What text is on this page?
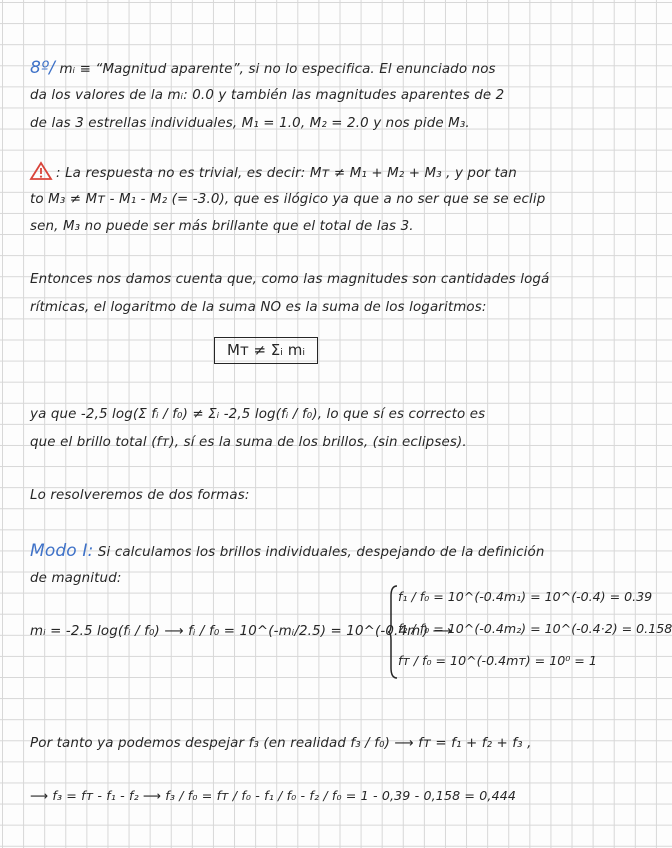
8º/ mᵢ ≡ “Magnitud aparente”, si no lo especifica. El enunciado nos
da los valores de la mᵢ: 0.0 y también las magnitudes aparentes de 2
de las 3 estrellas individuales, M₁ = 1.0, M₂ = 2.0 y nos pide M₃.
: La respuesta no es trivial, es decir: Mᴛ ≠ M₁ + M₂ + M₃ , y por tan
to M₃ ≠ Mᴛ - M₁ - M₂ (= -3.0), que es ilógico ya que a no ser que se se eclip
sen, M₃ no puede ser más brillante que el total de las 3.
Entonces nos damos cuenta que, como las magnitudes son cantidades logá
rítmicas, el logaritmo de la suma NO es la suma de los logaritmos:
Mᴛ ≠ Σᵢ mᵢ
ya que -2,5 log(Σ fᵢ / f₀) ≠ Σᵢ -2,5 log(fᵢ / f₀), lo que sí es correcto es
que el brillo total (fᴛ), sí es la suma de los brillos, (sin eclipses).
Lo resolveremos de dos formas:
Modo I: Si calculamos los brillos individuales, despejando de la definición
de magnitud:
mᵢ = -2.5 log(fᵢ / f₀) ⟶ fᵢ / f₀ = 10^(-mᵢ/2.5) = 10^(-0.4mᵢ) ⟶
f₁ / f₀ = 10^(-0.4m₁) = 10^(-0.4) = 0.39
f₂ / f₀ = 10^(-0.4m₂) = 10^(-0.4·2) = 0.158
fᴛ / f₀ = 10^(-0.4mᴛ) = 10⁰ = 1
Por tanto ya podemos despejar f₃ (en realidad f₃ / f₀) ⟶ fᴛ = f₁ + f₂ + f₃ ,
⟶ f₃ = fᴛ - f₁ - f₂ ⟶ f₃ / f₀ = fᴛ / f₀ - f₁ / f₀ - f₂ / f₀ = 1 - 0,39 - 0,158 = 0,444
